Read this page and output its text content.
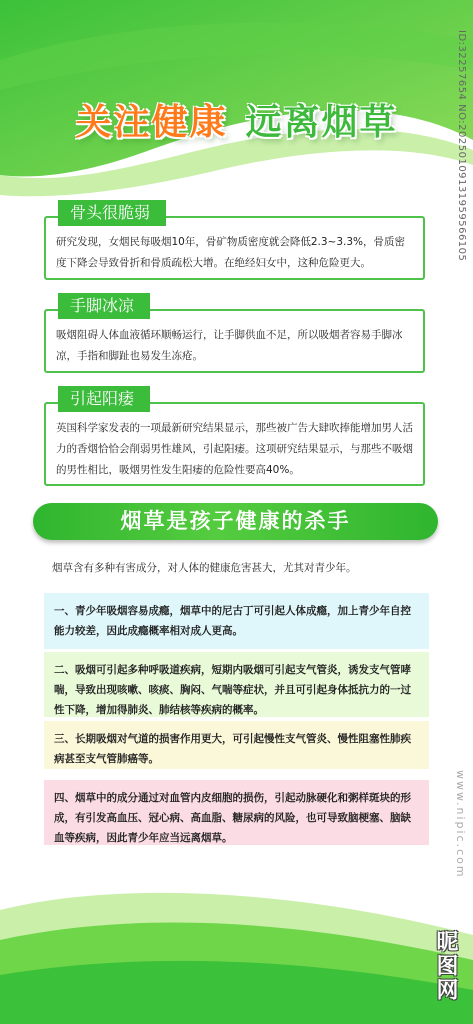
关注健康 远离烟草
研究发现，女烟民每吸烟10年，骨矿物质密度就会降低2.3~3.3%，骨质密度下降会导致骨折和骨质疏松大增。在绝经妇女中，这种危险更大。
骨头很脆弱
吸烟阻碍人体血液循环顺畅运行，让手脚供血不足，所以吸烟者容易手脚冰凉，手指和脚趾也易发生冻疮。
手脚冰凉
英国科学家发表的一项最新研究结果显示，那些被广告大肆吹捧能增加男人活力的香烟恰恰会削弱男性雄风，引起阳痿。这项研究结果显示，与那些不吸烟的男性相比，吸烟男性发生阳痿的危险性要高40%。
引起阳痿
烟草是孩子健康的杀手
烟草含有多种有害成分，对人体的健康危害甚大，尤其对青少年。
一、青少年吸烟容易成瘾，烟草中的尼古丁可引起人体成瘾，加上青少年自控能力较差，因此成瘾概率相对成人更高。
二、吸烟可引起多种呼吸道疾病，短期内吸烟可引起支气管炎，诱发支气管哮喘，导致出现咳嗽、咳痰、胸闷、气喘等症状，并且可引起身体抵抗力的一过性下降，增加得肺炎、肺结核等疾病的概率。
三、长期吸烟对气道的损害作用更大，可引起慢性支气管炎、慢性阻塞性肺疾病甚至支气管肺癌等。
四、烟草中的成分通过对血管内皮细胞的损伤，引起动脉硬化和粥样斑块的形成，有引发高血压、冠心病、高血脂、糖尿病的风险，也可导致脑梗塞、脑缺血等疾病，因此青少年应当远离烟草。
ID:32257654 NO:20250109131959566105
www.nipic.com
昵图网
